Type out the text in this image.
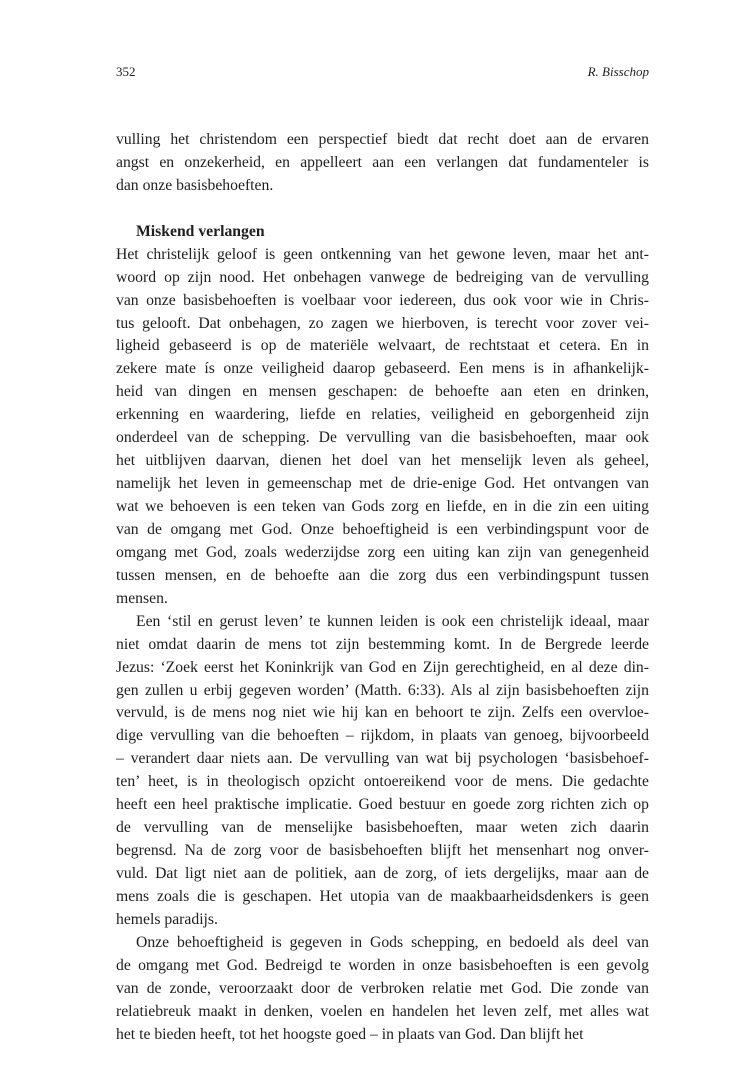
352	R. Bisschop
vulling het christendom een perspectief biedt dat recht doet aan de ervaren
angst en onzekerheid, en appelleert aan een verlangen dat fundamenteler is
dan onze basisbehoeften.
Miskend verlangen
Het christelijk geloof is geen ontkenning van het gewone leven, maar het ant-
woord op zijn nood. Het onbehagen vanwege de bedreiging van de vervulling
van onze basisbehoeften is voelbaar voor iedereen, dus ook voor wie in Chris-
tus gelooft. Dat onbehagen, zo zagen we hierboven, is terecht voor zover vei-
ligheid gebaseerd is op de materiële welvaart, de rechtstaat et cetera. En in
zekere mate ís onze veiligheid daarop gebaseerd. Een mens is in afhankelijk-
heid van dingen en mensen geschapen: de behoefte aan eten en drinken,
erkenning en waardering, liefde en relaties, veiligheid en geborgenheid zijn
onderdeel van de schepping. De vervulling van die basisbehoeften, maar ook
het uitblijven daarvan, dienen het doel van het menselijk leven als geheel,
namelijk het leven in gemeenschap met de drie-enige God. Het ontvangen van
wat we behoeven is een teken van Gods zorg en liefde, en in die zin een uiting
van de omgang met God. Onze behoeftigheid is een verbindingspunt voor de
omgang met God, zoals wederzijdse zorg een uiting kan zijn van genegenheid
tussen mensen, en de behoefte aan die zorg dus een verbindingspunt tussen
mensen.
Een ‘stil en gerust leven’ te kunnen leiden is ook een christelijk ideaal, maar
niet omdat daarin de mens tot zijn bestemming komt. In de Bergrede leerde
Jezus: ‘Zoek eerst het Koninkrijk van God en Zijn gerechtigheid, en al deze din-
gen zullen u erbij gegeven worden’ (Matth. 6:33). Als al zijn basisbehoeften zijn
vervuld, is de mens nog niet wie hij kan en behoort te zijn. Zelfs een overvloe-
dige vervulling van die behoeften – rijkdom, in plaats van genoeg, bijvoorbeeld
– verandert daar niets aan. De vervulling van wat bij psychologen ‘basisbehoef-
ten’ heet, is in theologisch opzicht ontoereikend voor de mens. Die gedachte
heeft een heel praktische implicatie. Goed bestuur en goede zorg richten zich op
de vervulling van de menselijke basisbehoeften, maar weten zich daarin
begrensd. Na de zorg voor de basisbehoeften blijft het mensenhart nog onver-
vuld. Dat ligt niet aan de politiek, aan de zorg, of iets dergelijks, maar aan de
mens zoals die is geschapen. Het utopia van de maakbaarheidsdenkers is geen
hemels paradijs.
Onze behoeftigheid is gegeven in Gods schepping, en bedoeld als deel van
de omgang met God. Bedreigd te worden in onze basisbehoeften is een gevolg
van de zonde, veroorzaakt door de verbroken relatie met God. Die zonde van
relatiebreuk maakt in denken, voelen en handelen het leven zelf, met alles wat
het te bieden heeft, tot het hoogste goed – in plaats van God. Dan blijft het
